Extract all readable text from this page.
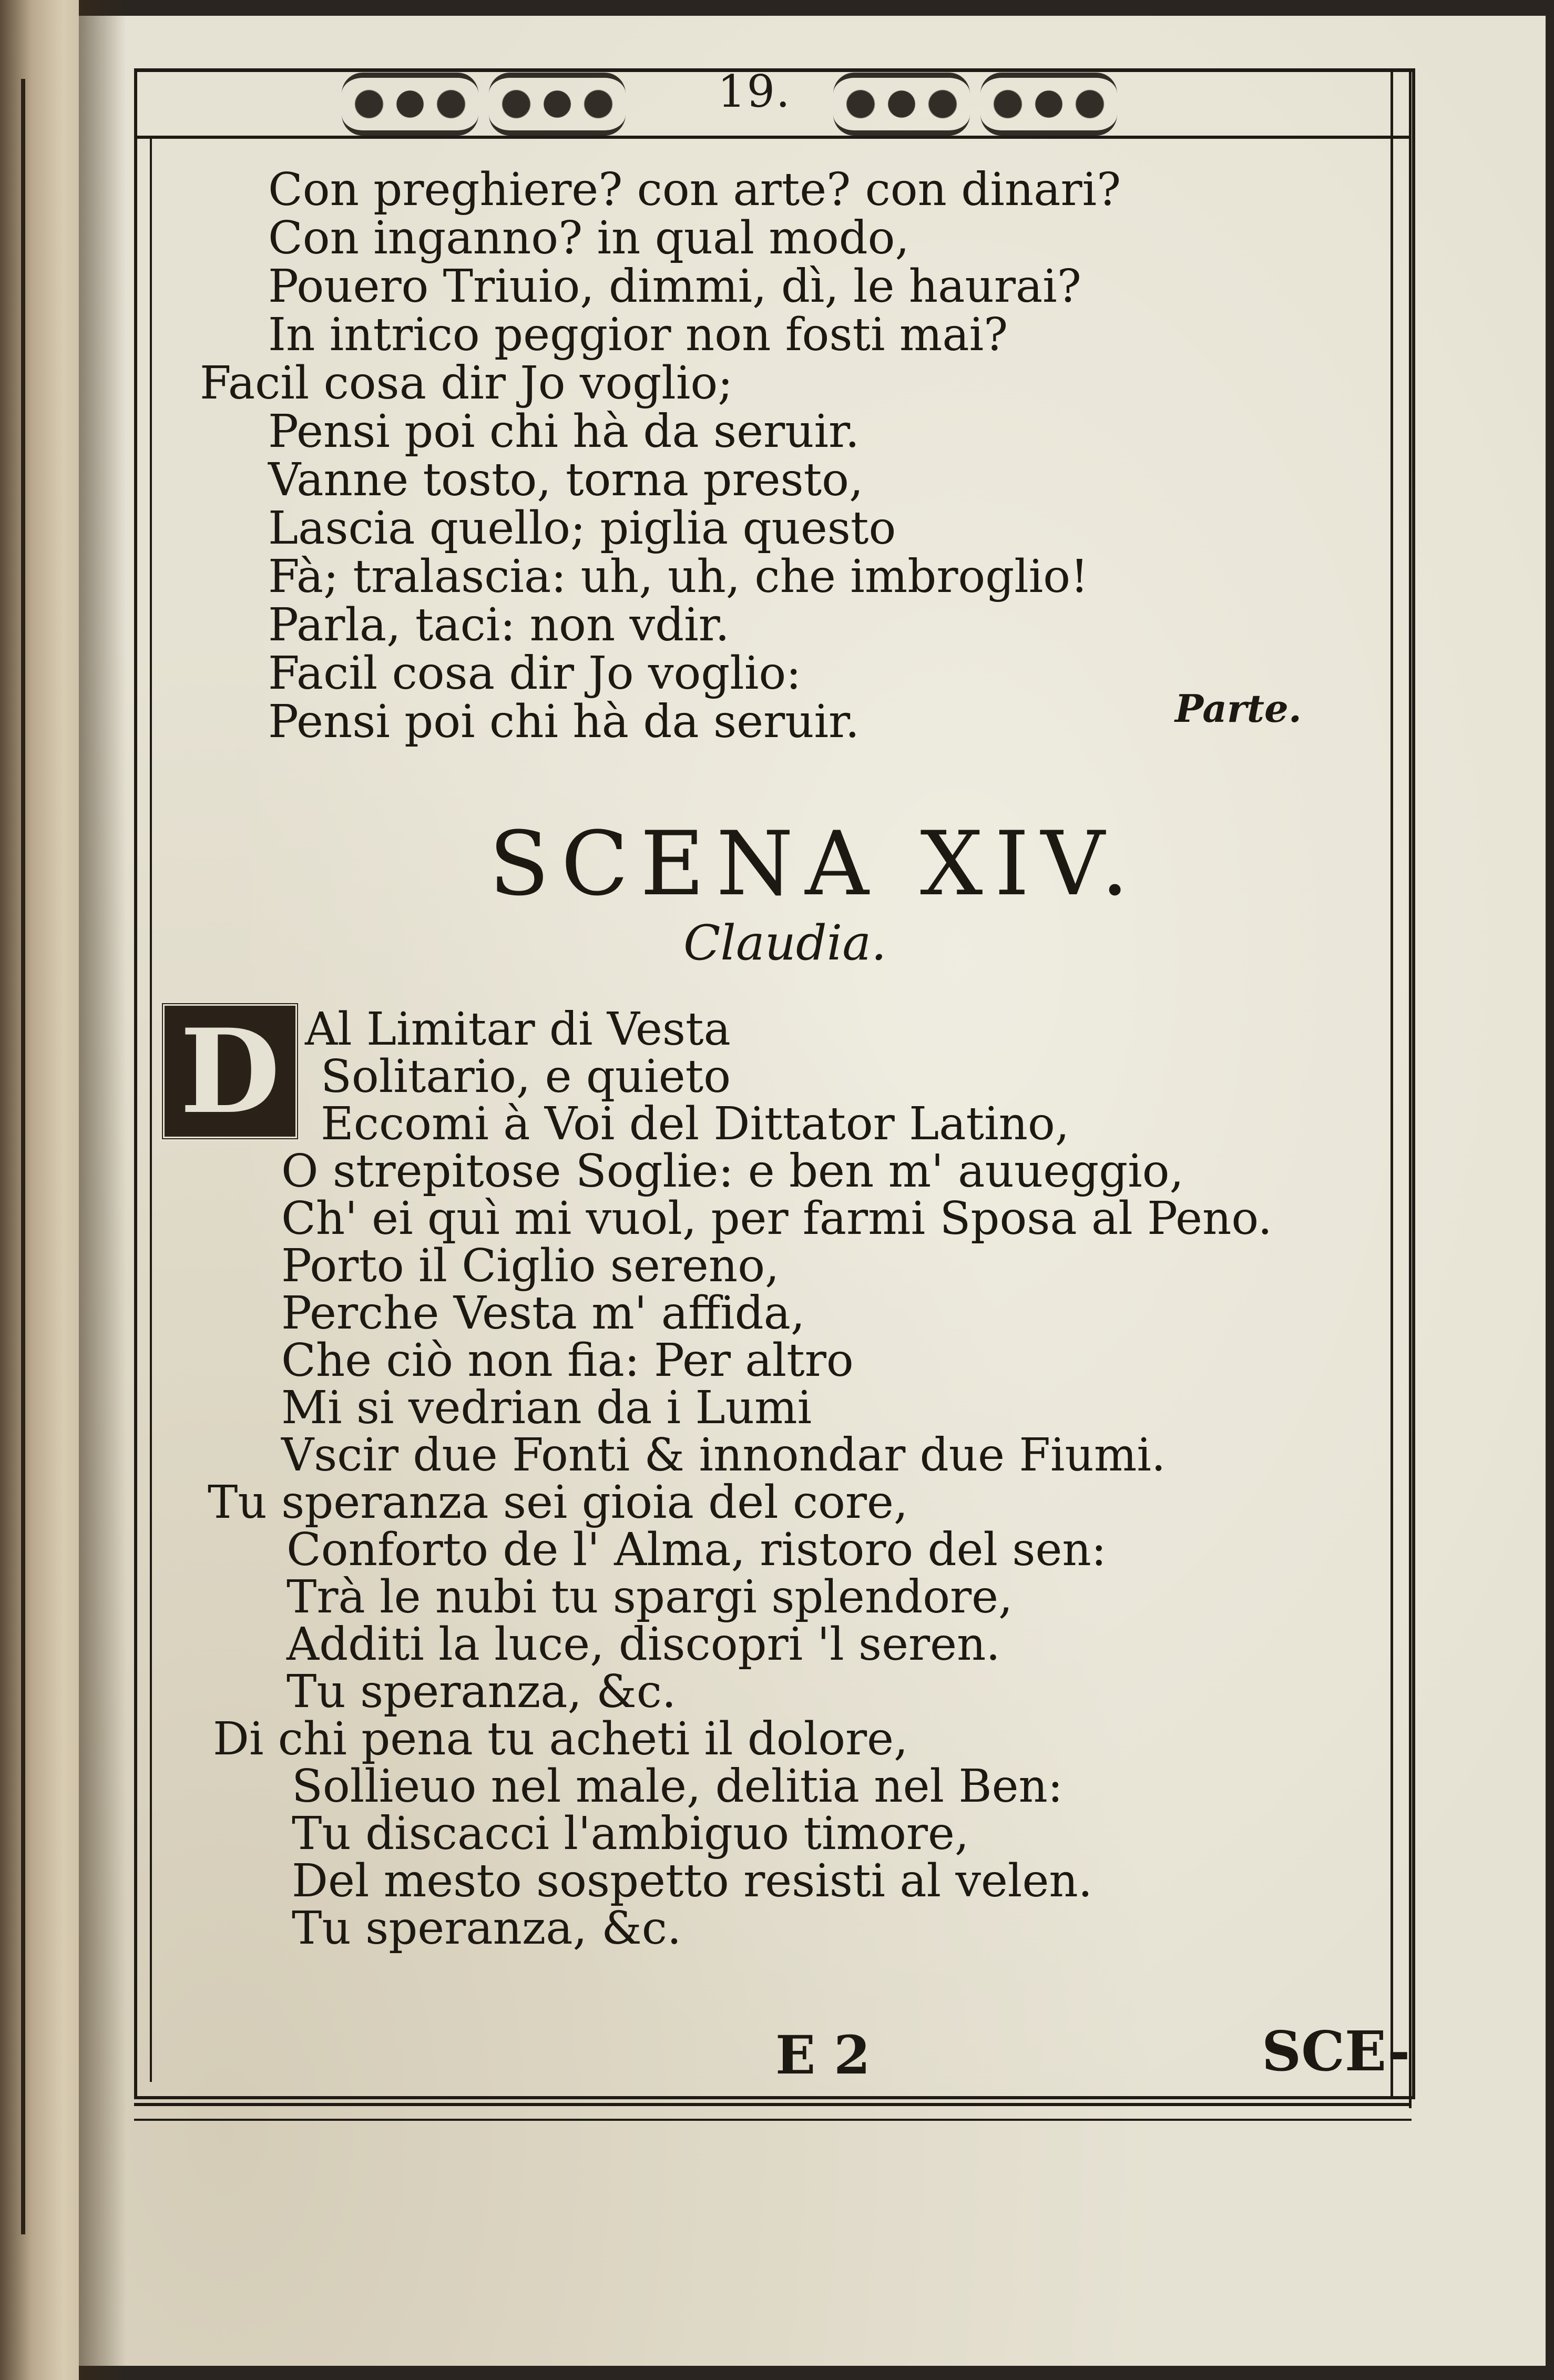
19.
Con preghiere? con arte? con dinari?
Con inganno? in qual modo,
Pouero Triuio, dimmi, dì, le haurai?
In intrico peggior non fosti mai?
Facil cosa dir Jo voglio;
Pensi poi chi hà da seruir.
Vanne tosto, torna presto,
Lascia quello; piglia questo
Fà; tralascia: uh, uh, che imbroglio!
Parla, taci: non vdir.
Facil cosa dir Jo voglio:
Pensi poi chi hà da seruir.	Parte.
SCENA XIV.
Claudia.
D Al Limitar di Vesta
Solitario, e quieto
Eccomi à Voi del Dittator Latino,
O strepitose Soglie: e ben m' auueggio,
Ch' ei quì mi vuol, per farmi Sposa al Peno.
Porto il Ciglio sereno,
Perche Vesta m' affida,
Che ciò non fia: Per altro
Mi si vedrian da i Lumi
Vscir due Fonti & innondar due Fiumi.
Tu speranza sei gioia del core,
Conforto de l' Alma, ristoro del sen:
Trà le nubi tu spargi splendore,
Additi la luce, discopri 'l seren.
Tu speranza, &c.
Di chi pena tu acheti il dolore,
Sollieuo nel male, delitia nel Ben:
Tu discacci l'ambiguo timore,
Del mesto sospetto resisti al velen.
Tu speranza, &c.
E 2	SCE-
